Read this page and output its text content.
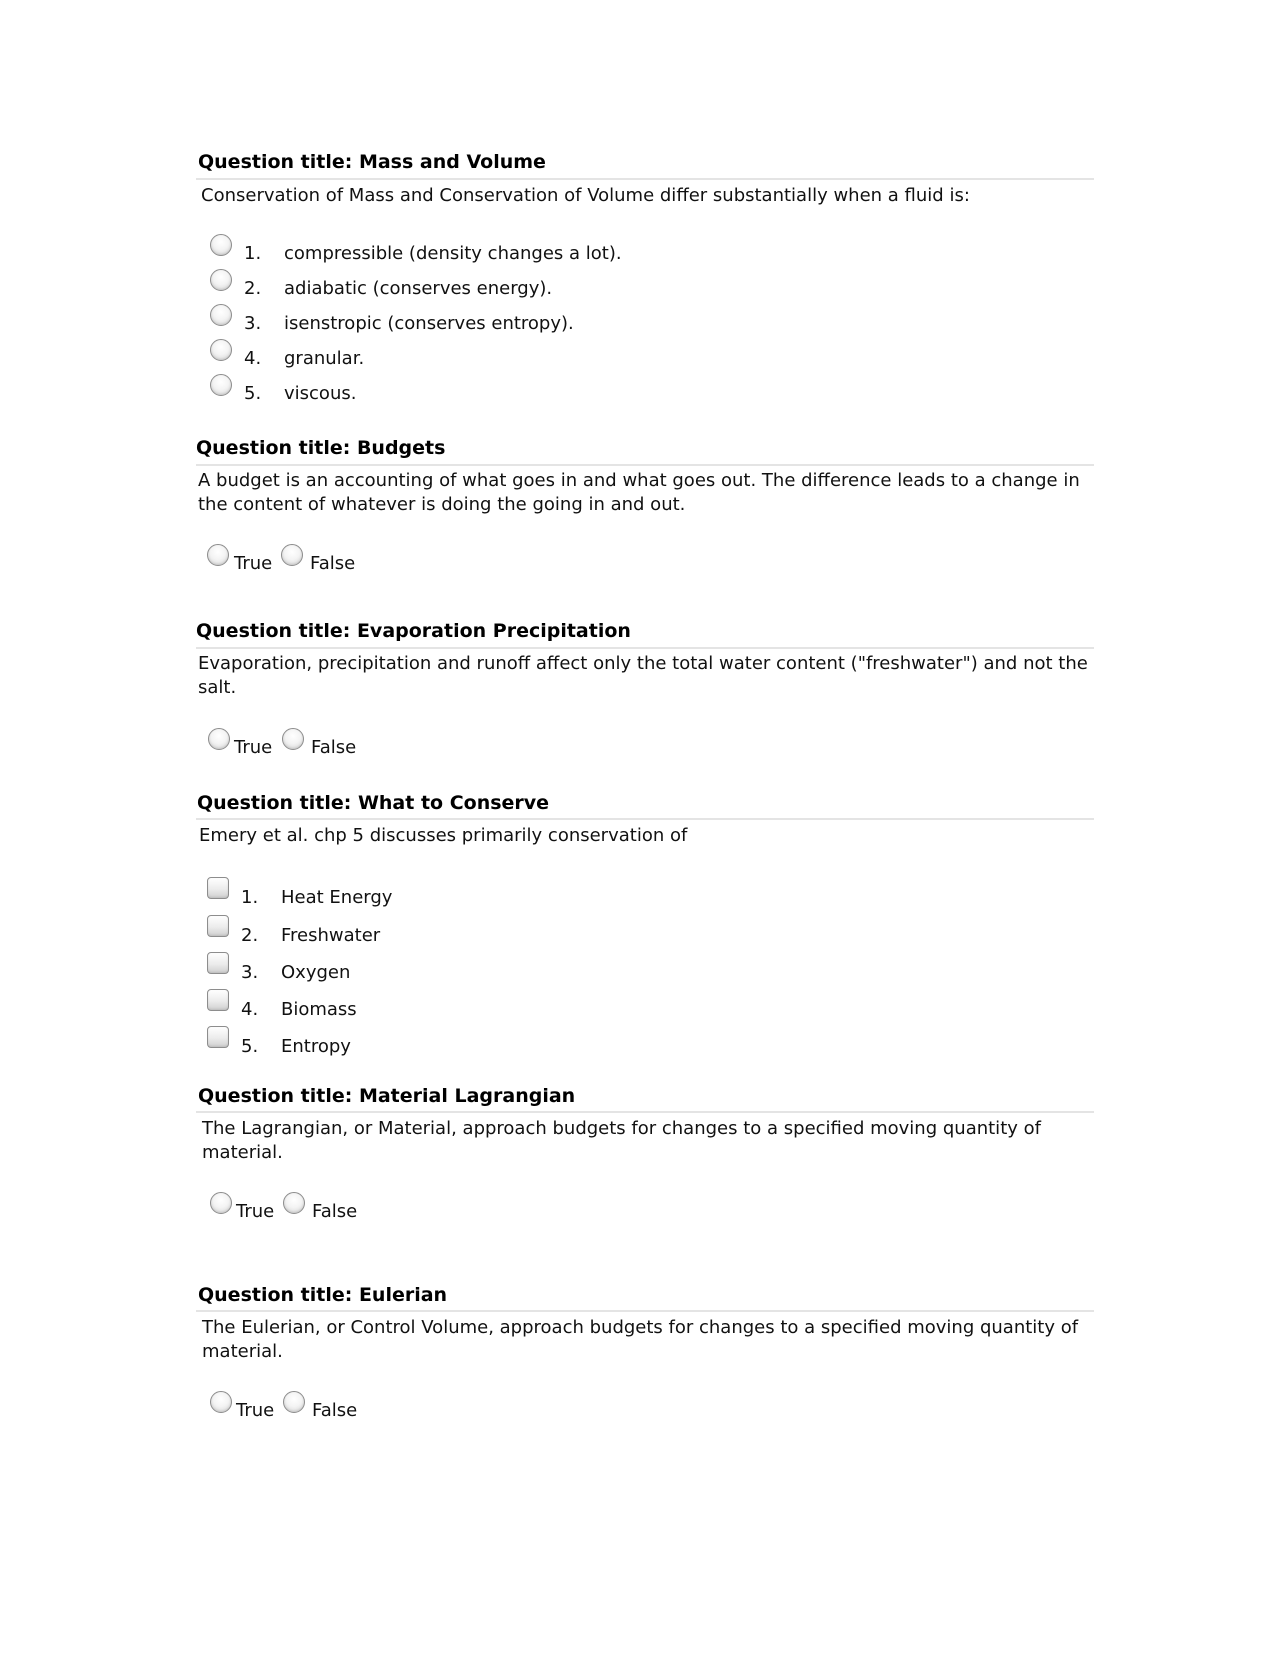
Question title: Mass and Volume
Conservation of Mass and Conservation of Volume differ substantially when a fluid is:
1. compressible (density changes a lot).
2. adiabatic (conserves energy).
3. isenstropic (conserves entropy).
4. granular.
5. viscous.
Question title: Budgets
A budget is an accounting of what goes in and what goes out. The difference leads to a change in the content of whatever is doing the going in and out.
True False
Question title: Evaporation Precipitation
Evaporation, precipitation and runoff affect only the total water content ("freshwater") and not the salt.
True False
Question title: What to Conserve
Emery et al. chp 5 discusses primarily conservation of
1. Heat Energy
2. Freshwater
3. Oxygen
4. Biomass
5. Entropy
Question title: Material Lagrangian
The Lagrangian, or Material, approach budgets for changes to a specified moving quantity of material.
True False
Question title: Eulerian
The Eulerian, or Control Volume, approach budgets for changes to a specified moving quantity of material.
True False
